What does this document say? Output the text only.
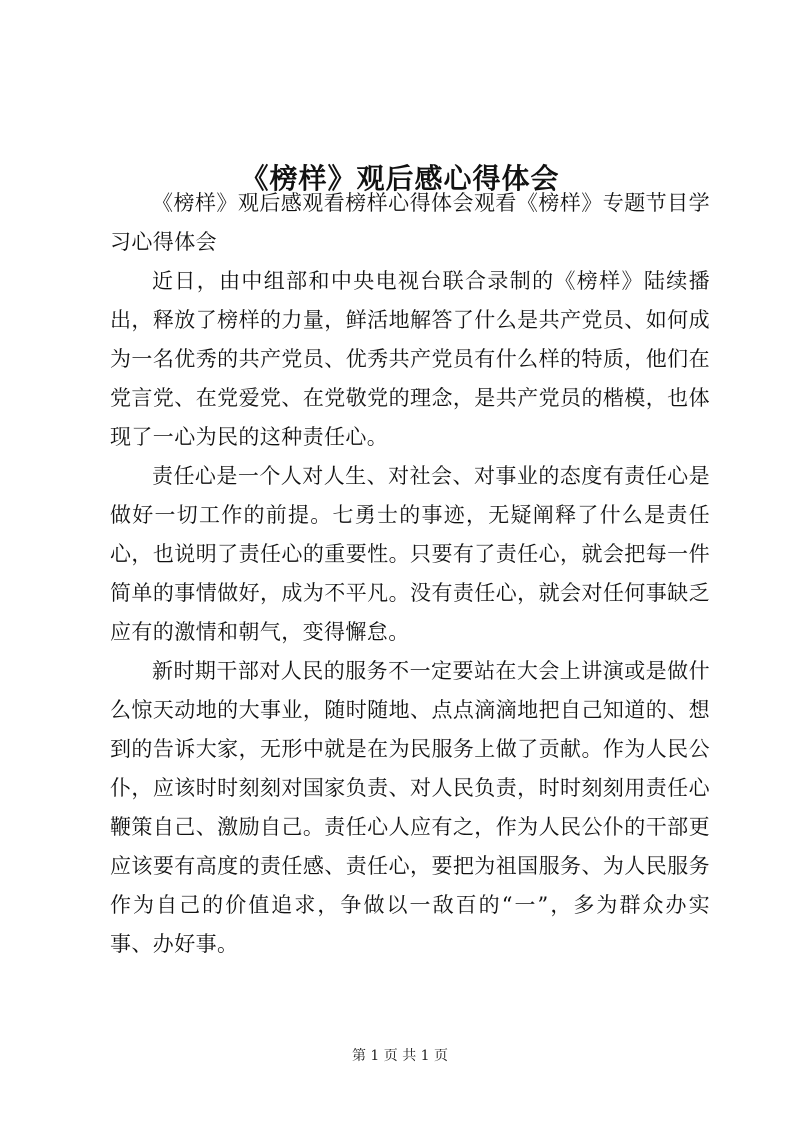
《榜样》观后感心得体会

《榜样》观后感观看榜样心得体会观看《榜样》专题节目学习心得体会

近日，由中组部和中央电视台联合录制的《榜样》陆续播出，释放了榜样的力量，鲜活地解答了什么是共产党员、如何成为一名优秀的共产党员、优秀共产党员有什么样的特质，他们在党言党、在党爱党、在党敬党的理念，是共产党员的楷模，也体现了一心为民的这种责任心。

责任心是一个人对人生、对社会、对事业的态度有责任心是做好一切工作的前提。七勇士的事迹，无疑阐释了什么是责任心，也说明了责任心的重要性。只要有了责任心，就会把每一件简单的事情做好，成为不平凡。没有责任心，就会对任何事缺乏应有的激情和朝气，变得懈怠。

新时期干部对人民的服务不一定要站在大会上讲演或是做什么惊天动地的大事业，随时随地、点点滴滴地把自己知道的、想到的告诉大家，无形中就是在为民服务上做了贡献。作为人民公仆，应该时时刻刻对国家负责、对人民负责，时时刻刻用责任心鞭策自己、激励自己。责任心人应有之，作为人民公仆的干部更应该要有高度的责任感、责任心，要把为祖国服务、为人民服务作为自己的价值追求，争做以一敌百的“一”，多为群众办实事、办好事。

第 1 页 共 1 页
